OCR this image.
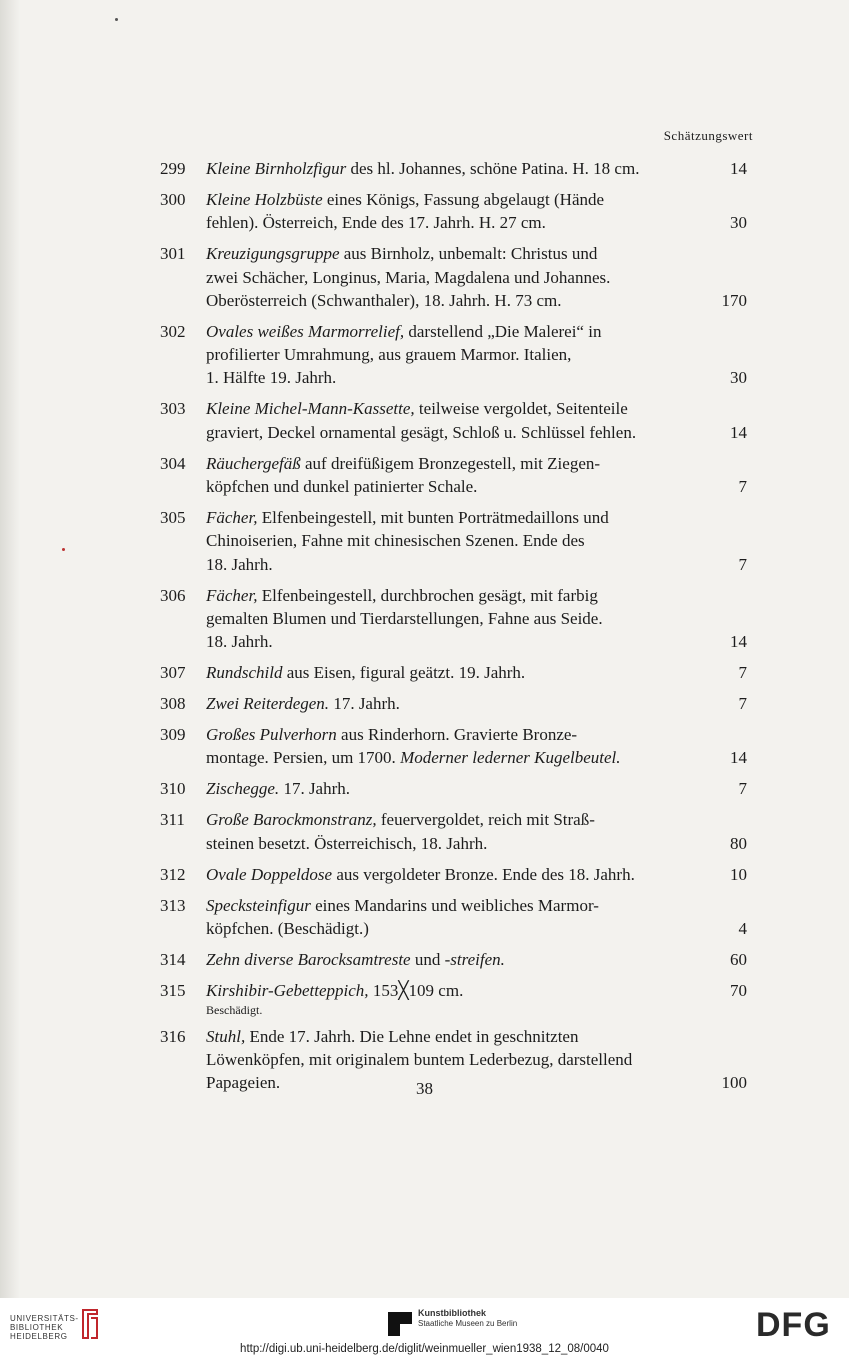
Schätzungswert
299	Kleine Birnholzfigur des hl. Johannes, schöne Patina. H. 18 cm.	14
300	Kleine Holzbüste eines Königs, Fassung abgelaugt (Hände
fehlen). Österreich, Ende des 17. Jahrh. H. 27 cm.	30
301	Kreuzigungsgruppe aus Birnholz, unbemalt: Christus und
zwei Schächer, Longinus, Maria, Magdalena und Johannes.
Oberösterreich (Schwanthaler), 18. Jahrh. H. 73 cm.	170
302	Ovales weißes Marmorrelief, darstellend „Die Malerei“ in
profilierter Umrahmung, aus grauem Marmor. Italien,
1. Hälfte 19. Jahrh.	30
303	Kleine Michel-Mann-Kassette, teilweise vergoldet, Seitenteile
graviert, Deckel ornamental gesägt, Schloß u. Schlüssel fehlen.	14
304	Räuchergefäß auf dreifüßigem Bronzegestell, mit Ziegen-
köpfchen und dunkel patinierter Schale.	7
305	Fächer, Elfenbeingestell, mit bunten Porträtmedaillons und
Chinoiserien, Fahne mit chinesischen Szenen. Ende des
18. Jahrh.	7
306	Fächer, Elfenbeingestell, durchbrochen gesägt, mit farbig
gemalten Blumen und Tierdarstellungen, Fahne aus Seide.
18. Jahrh.	14
307	Rundschild aus Eisen, figural geätzt. 19. Jahrh.	7
308	Zwei Reiterdegen. 17. Jahrh.	7
309	Großes Pulverhorn aus Rinderhorn. Gravierte Bronze-
montage. Persien, um 1700. Moderner lederner Kugelbeutel.	14
310	Zischegge. 17. Jahrh.	7
311	Große Barockmonstranz, feuervergoldet, reich mit Straß-
steinen besetzt. Österreichisch, 18. Jahrh.	80
312	Ovale Doppeldose aus vergoldeter Bronze. Ende des 18. Jahrh.	10
313	Specksteinfigur eines Mandarins und weibliches Marmor-
köpfchen. (Beschädigt.)	4
314	Zehn diverse Barocksamtreste und -streifen.	60
315	Kirshibir-Gebetteppich, 153╳109 cm.	70
Beschädigt.
316	Stuhl, Ende 17. Jahrh. Die Lehne endet in geschnitzten
Löwenköpfen, mit originalem buntem Lederbezug, darstellend
Papageien.	100
38
UNIVERSITÄTS-
BIBLIOTHEK
HEIDELBERG
Kunstbibliothek
Staatliche Museen zu Berlin	DFG
http://digi.ub.uni-heidelberg.de/diglit/weinmueller_wien1938_12_08/0040
